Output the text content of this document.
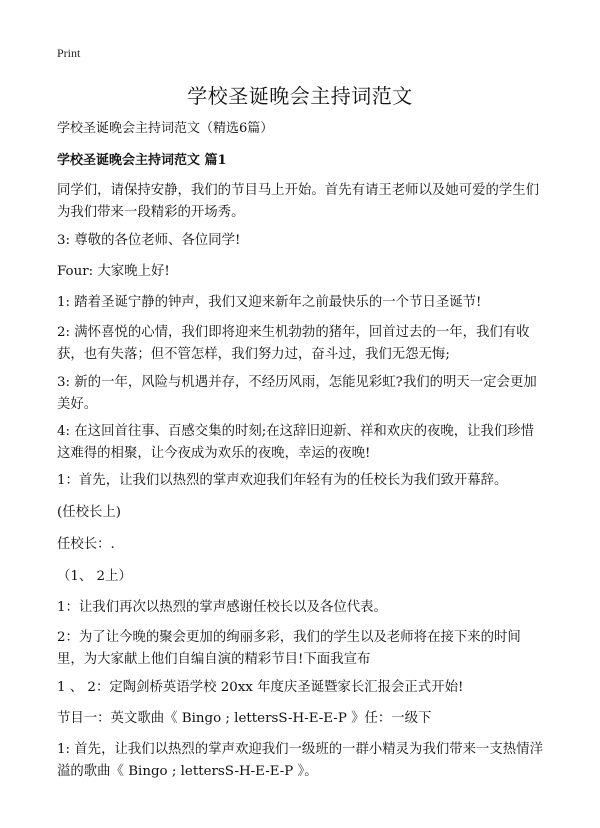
Print
学校圣诞晚会主持词范文

学校圣诞晚会主持词范文（精选6篇）

学校圣诞晚会主持词范文 篇1

同学们，请保持安静，我们的节目马上开始。首先有请王老师以及她可爱的学生们为我们带来一段精彩的开场秀。

3: 尊敬的各位老师、各位同学!

Four: 大家晚上好!

1: 踏着圣诞宁静的钟声，我们又迎来新年之前最快乐的一个节日圣诞节!

2: 满怀喜悦的心情，我们即将迎来生机勃勃的猪年，回首过去的一年，我们有收获，也有失落；但不管怎样，我们努力过，奋斗过，我们无怨无悔;

3: 新的一年，风险与机遇并存，不经历风雨，怎能见彩虹?我们的明天一定会更加美好。

4: 在这回首往事、百感交集的时刻;在这辞旧迎新、祥和欢庆的夜晚，让我们珍惜这难得的相聚，让今夜成为欢乐的夜晚，幸运的夜晚!

1：首先，让我们以热烈的掌声欢迎我们年轻有为的任校长为我们致开幕辞。

(任校长上)

任校长：.

（1、 2上）

1：让我们再次以热烈的掌声感谢任校长以及各位代表。

2：为了让今晚的聚会更加的绚丽多彩，我们的学生以及老师将在接下来的时间里，为大家献上他们自编自演的精彩节目!下面我宣布

1 、 2：定陶剑桥英语学校 20xx 年度庆圣诞暨家长汇报会正式开始!

节目一：英文歌曲《 Bingo ; lettersS-H-E-E-P 》任：一级下

1: 首先，让我们以热烈的掌声欢迎我们一级班的一群小精灵为我们带来一支热情洋溢的歌曲《 Bingo ; lettersS-H-E-E-P 》。
